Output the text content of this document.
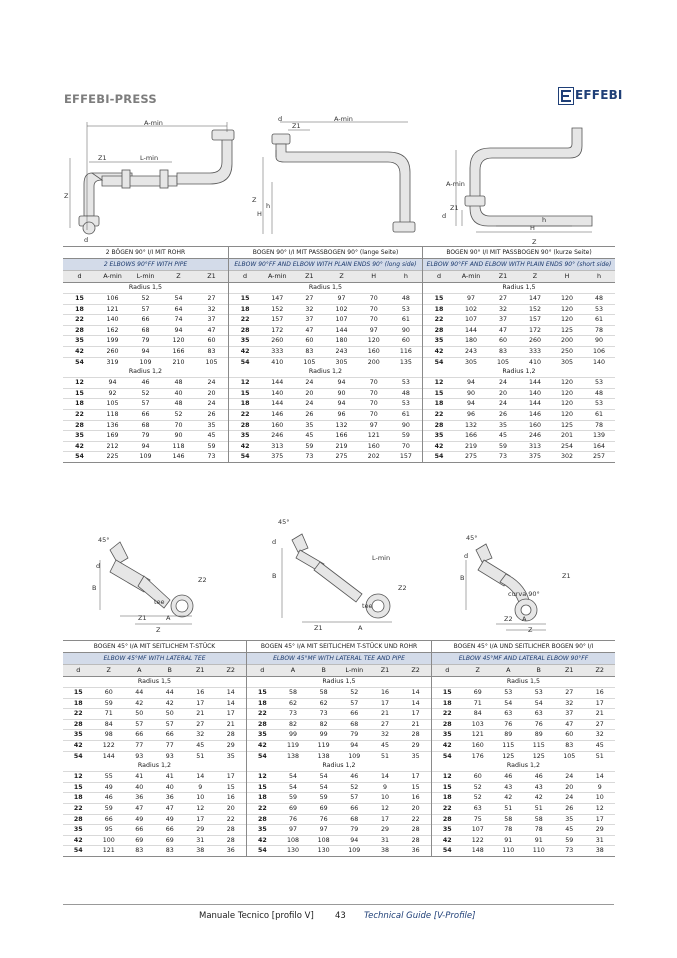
EFFEBI-PRESS	EFFEBI
A-min
Z1	L-min
Z
d
d	A-min
Z1
Z
H
h
A-min
d
Z1
Z
H
h
2 BÖGEN 90° I/I MIT ROHR				
2 ELBOWS 90°FF WITH PIPE				
d	A-min	L-min	Z	Z1
Radius 1,5				
15	106	52	54	27
18	121	57	64	32
22	140	66	74	37
28	162	68	94	47
35	199	79	120	60
42	260	94	166	83
54	319	109	210	105
Radius 1,2				
12	94	46	48	24
15	92	52	40	20
18	105	57	48	24
22	118	66	52	26
28	136	68	70	35
35	169	79	90	45
42	212	94	118	59
54	225	109	146	73
BOGEN 90° I/I MIT PASSBOGEN 90° (lange Seite)					
ELBOW 90°FF AND ELBOW WITH PLAIN ENDS 90° (long side)					
d	A-min	Z1	Z	H	h
Radius 1,5					
15	147	27	97	70	48
18	152	32	102	70	53
22	157	37	107	70	61
28	172	47	144	97	90
35	260	60	180	120	60
42	333	83	243	160	116
54	410	105	305	200	135
Radius 1,2					
12	144	24	94	70	53
15	140	20	90	70	48
18	144	24	94	70	53
22	146	26	96	70	61
28	160	35	132	97	90
35	246	45	166	121	59
42	313	59	219	160	70
54	375	73	275	202	157
BOGEN 90° I/I MIT PASSBOGEN 90° (kurze Seite)					
ELBOW 90°FF AND ELBOW WITH PLAIN ENDS 90° (short side)					
d	A-min	Z1	Z	H	h
Radius 1,5					
15	97	27	147	120	48
18	102	32	152	120	53
22	107	37	157	120	61
28	144	47	172	125	78
35	180	60	260	200	90
42	243	83	333	250	106
54	305	105	410	305	140
Radius 1,2					
12	94	24	144	120	53
15	90	20	140	120	48
18	94	24	144	120	53
22	96	26	146	120	61
28	132	35	160	125	78
35	166	45	246	201	139
42	219	59	313	254	164
54	275	73	375	302	257
45°
d
B
tee
Z2
Z1	A
Z
45°
d
B
L-min
tee
Z2
Z1	A
45°
d
B
curva 90°
Z1
Z2 A
Z
BOGEN 45° I/A MIT SEITLICHEM T-STÜCK					
ELBOW 45°MF WITH LATERAL TEE					
d	Z	A	B	Z1	Z2
Radius 1,5					
15	60	44	44	16	14
18	59	42	42	17	14
22	71	50	50	21	17
28	84	57	57	27	21
35	98	66	66	32	28
42	122	77	77	45	29
54	144	93	93	51	35
Radius 1,2					
12	55	41	41	14	17
15	49	40	40	9	15
18	46	36	36	10	16
22	59	47	47	12	20
28	66	49	49	17	22
35	95	66	66	29	28
42	100	69	69	31	28
54	121	83	83	38	36
BOGEN 45° I/A MIT SEITLICHEM T-STÜCK UND ROHR					
ELBOW 45°MF WITH LATERAL TEE AND PIPE					
d	A	B	L-min	Z1	Z2
Radius 1,5					
15	58	58	52	16	14
18	62	62	57	17	14
22	73	73	66	21	17
28	82	82	68	27	21
35	99	99	79	32	28
42	119	119	94	45	29
54	138	138	109	51	35
Radius 1,2					
12	54	54	46	14	17
15	54	54	52	9	15
18	59	59	57	10	16
22	69	69	66	12	20
28	76	76	68	17	22
35	97	97	79	29	28
42	108	108	94	31	28
54	130	130	109	38	36
BOGEN 45° I/A UND SEITLICHER BOGEN 90° I/I					
ELBOW 45°MF AND LATERAL ELBOW 90°FF					
d	Z	A	B	Z1	Z2
Radius 1,5					
15	69	53	53	27	16
18	71	54	54	32	17
22	84	63	63	37	21
28	103	76	76	47	27
35	121	89	89	60	32
42	160	115	115	83	45
54	176	125	125	105	51
Radius 1,2					
12	60	46	46	24	14
15	52	43	43	20	9
18	52	42	42	24	10
22	63	51	51	26	12
28	75	58	58	35	17
35	107	78	78	45	29
42	122	91	91	59	31
54	148	110	110	73	38
Manuale Tecnico [profilo V] 43 Technical Guide [V-Profile]
